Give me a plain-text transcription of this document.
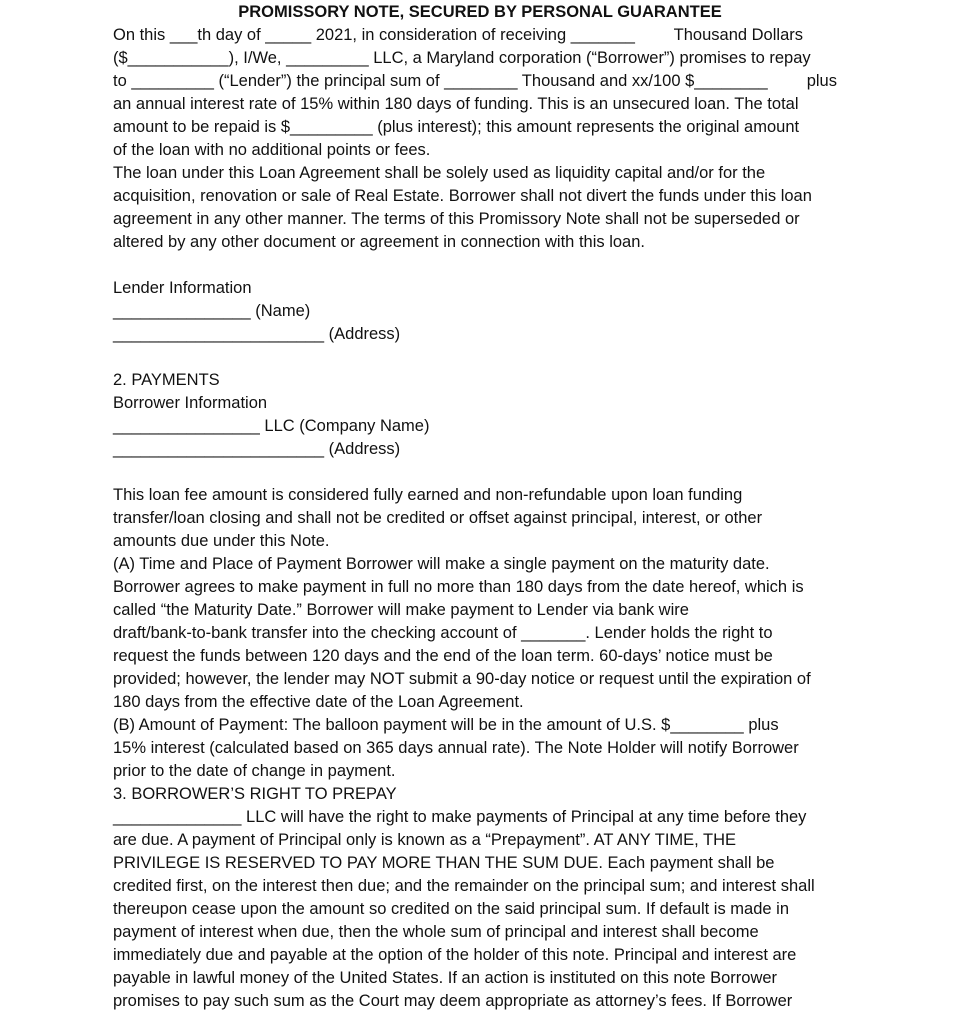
PROMISSORY NOTE, SECURED BY PERSONAL GUARANTEE

On this ___th day of _____ 2021, in consideration of receiving _______ Thousand Dollars

($___________), I/We, _________ LLC, a Maryland corporation (“Borrower”) promises to repay

to _________ (“Lender”) the principal sum of ________ Thousand and xx/100 $________ plus

an annual interest rate of 15% within 180 days of funding. This is an unsecured loan. The total

amount to be repaid is $_________ (plus interest); this amount represents the original amount

of the loan with no additional points or fees.

The loan under this Loan Agreement shall be solely used as liquidity capital and/or for the

acquisition, renovation or sale of Real Estate. Borrower shall not divert the funds under this loan

agreement in any other manner. The terms of this Promissory Note shall not be superseded or

altered by any other document or agreement in connection with this loan.

Lender Information

_______________ (Name)

_______________________ (Address)

2. PAYMENTS

Borrower Information

________________ LLC (Company Name)

_______________________ (Address)

This loan fee amount is considered fully earned and non-refundable upon loan funding

transfer/loan closing and shall not be credited or offset against principal, interest, or other

amounts due under this Note.

(A) Time and Place of Payment Borrower will make a single payment on the maturity date.

Borrower agrees to make payment in full no more than 180 days from the date hereof, which is

called “the Maturity Date.” Borrower will make payment to Lender via bank wire

draft/bank-to-bank transfer into the checking account of _______. Lender holds the right to

request the funds between 120 days and the end of the loan term. 60-days’ notice must be

provided; however, the lender may NOT submit a 90-day notice or request until the expiration of

180 days from the effective date of the Loan Agreement.

(B) Amount of Payment: The balloon payment will be in the amount of U.S. $________ plus

15% interest (calculated based on 365 days annual rate). The Note Holder will notify Borrower

prior to the date of change in payment.

3. BORROWER’S RIGHT TO PREPAY

______________ LLC will have the right to make payments of Principal at any time before they

are due. A payment of Principal only is known as a “Prepayment”. AT ANY TIME, THE

PRIVILEGE IS RESERVED TO PAY MORE THAN THE SUM DUE. Each payment shall be

credited first, on the interest then due; and the remainder on the principal sum; and interest shall

thereupon cease upon the amount so credited on the said principal sum. If default is made in

payment of interest when due, then the whole sum of principal and interest shall become

immediately due and payable at the option of the holder of this note. Principal and interest are

payable in lawful money of the United States. If an action is instituted on this note Borrower

promises to pay such sum as the Court may deem appropriate as attorney’s fees. If Borrower
